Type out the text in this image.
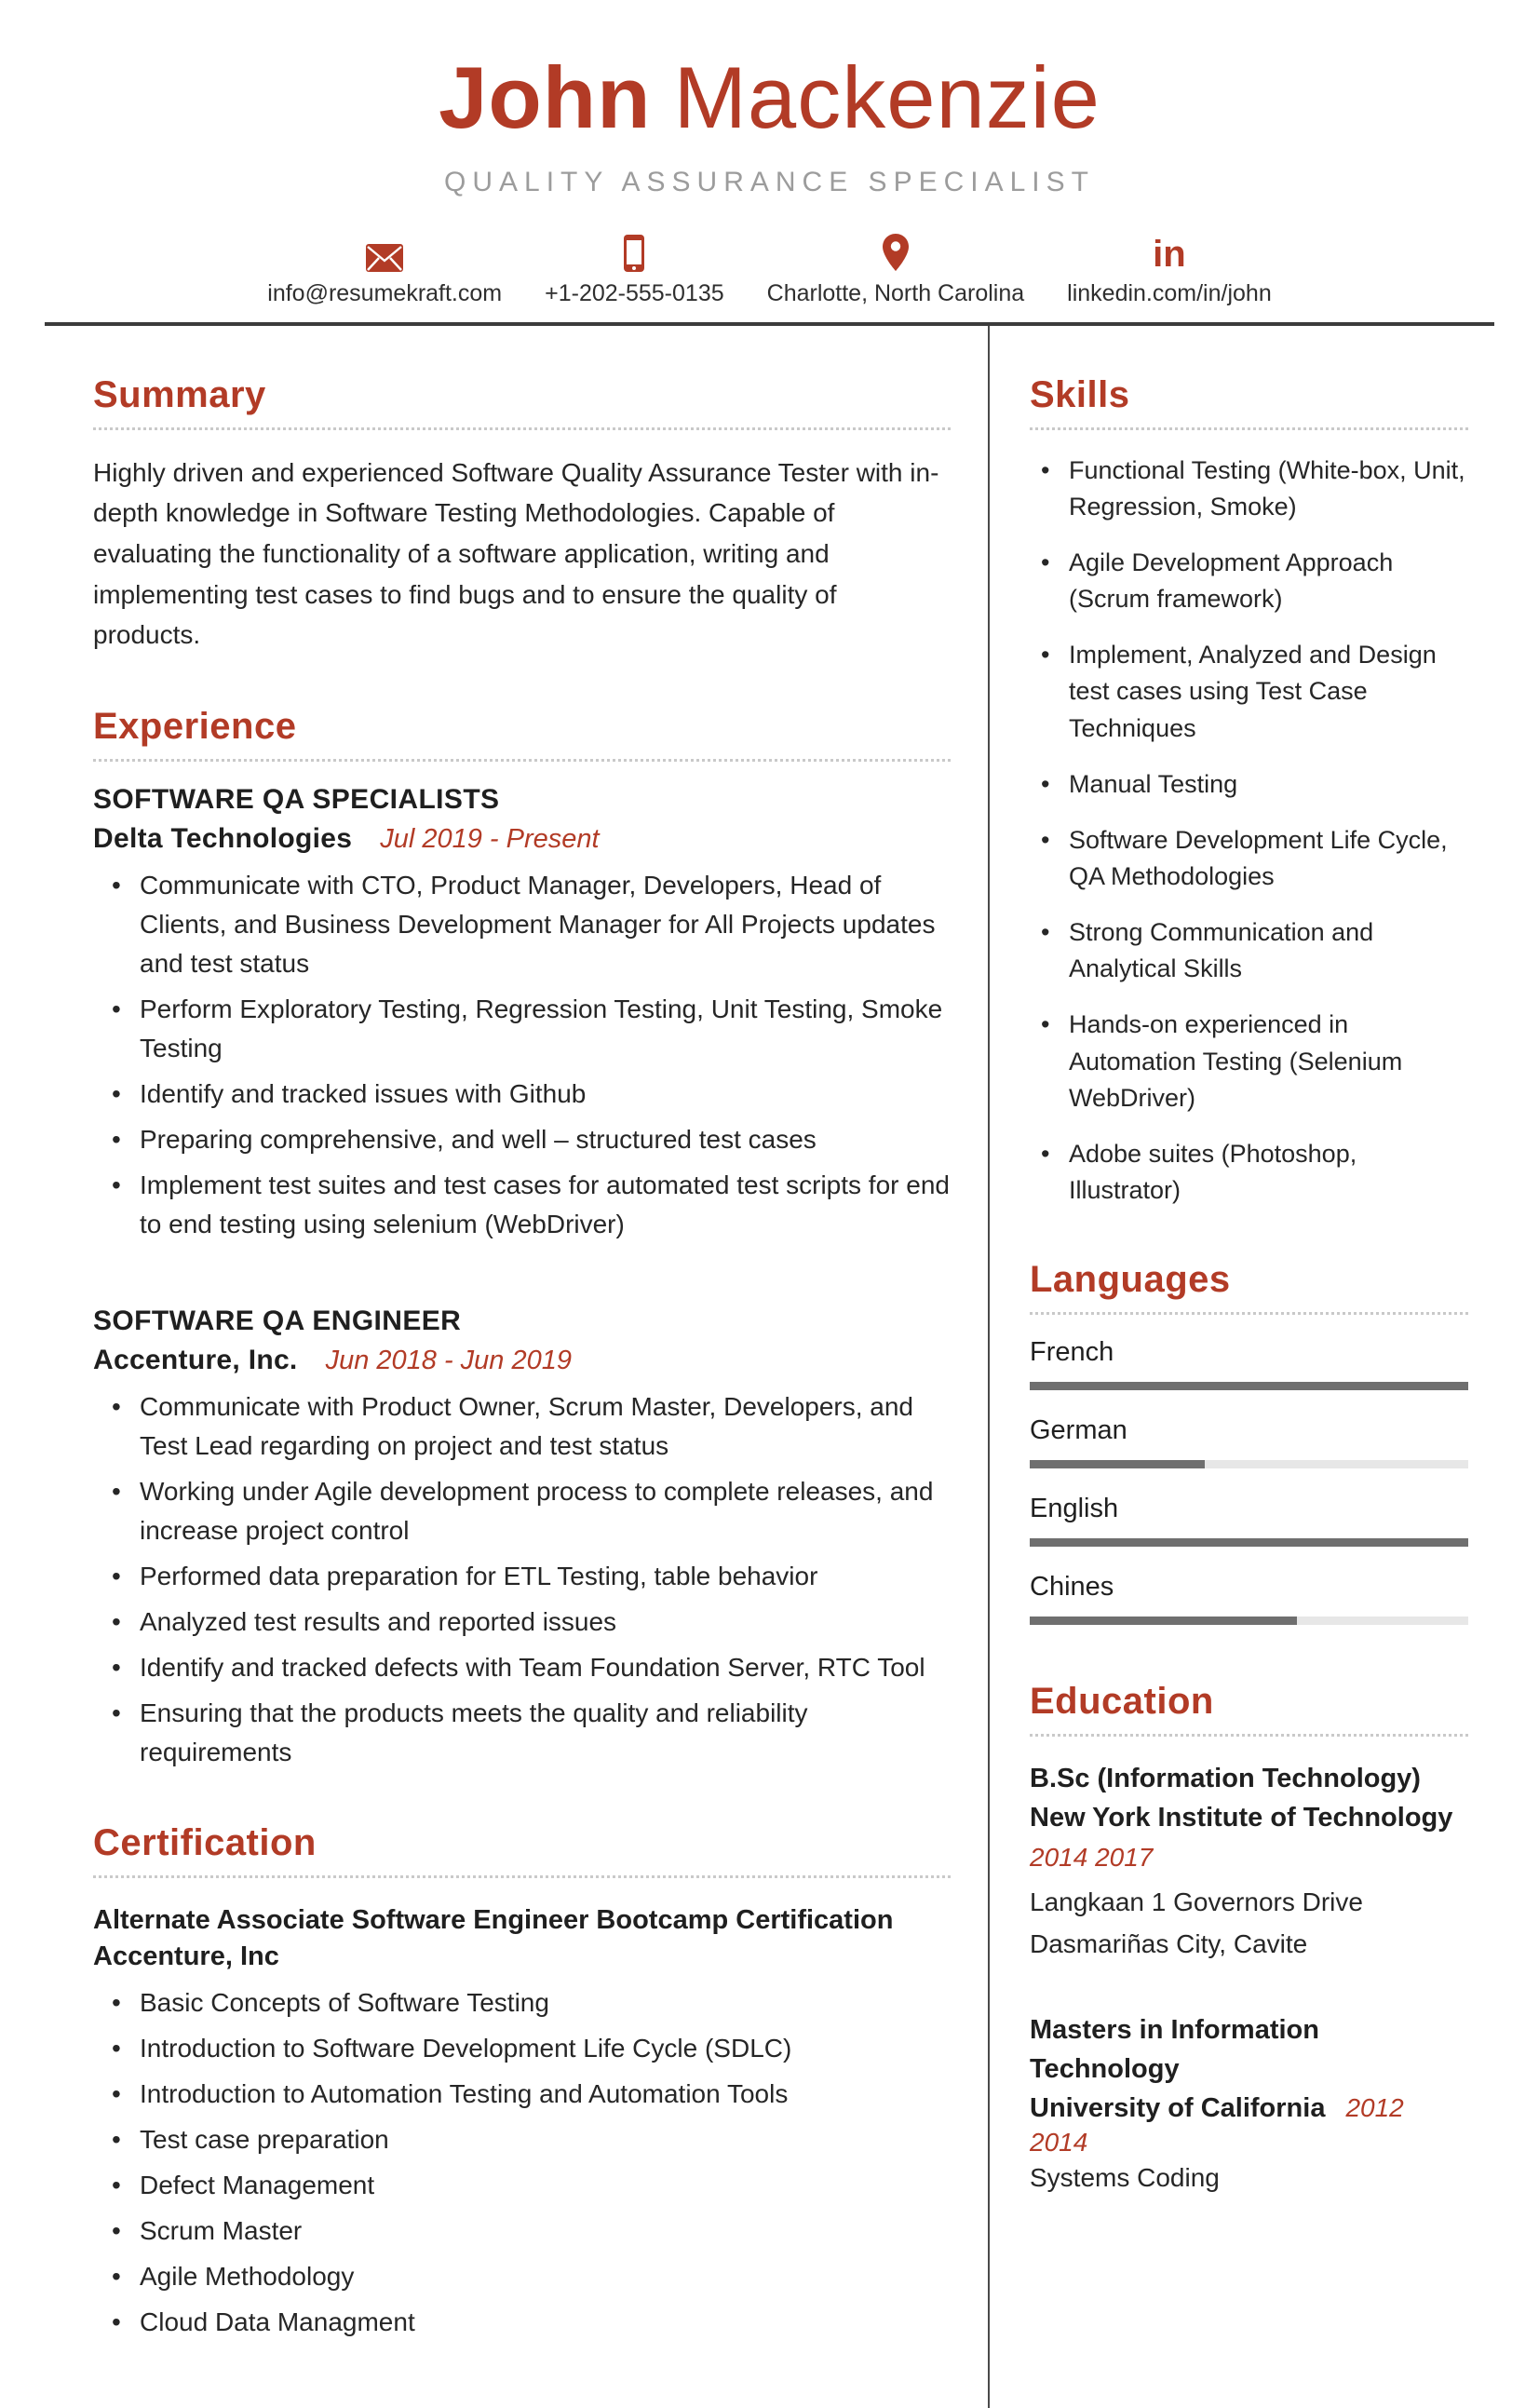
John Mackenzie
QUALITY ASSURANCE SPECIALIST
info@resumekraft.com +1-202-555-0135 Charlotte, North Carolina
in
linkedin.com/in/john
Summary

Highly driven and experienced Software Quality Assurance Tester with in-depth knowledge in Software Testing Methodologies. Capable of evaluating the functionality of a software application, writing and implementing test cases to find bugs and to ensure the quality of products.

Experience
SOFTWARE QA SPECIALISTS
Delta Technologies Jul 2019 - Present
• Communicate with CTO, Product Manager, Developers, Head of Clients, and Business Development Manager for All Projects updates and test status
• Perform Exploratory Testing, Regression Testing, Unit Testing, Smoke Testing
• Identify and tracked issues with Github
• Preparing comprehensive, and well – structured test cases
• Implement test suites and test cases for automated test scripts for end to end testing using selenium (WebDriver)
SOFTWARE QA ENGINEER
Accenture, Inc. Jun 2018 - Jun 2019
• Communicate with Product Owner, Scrum Master, Developers, and Test Lead regarding on project and test status
• Working under Agile development process to complete releases, and increase project control
• Performed data preparation for ETL Testing, table behavior
• Analyzed test results and reported issues
• Identify and tracked defects with Team Foundation Server, RTC Tool
• Ensuring that the products meets the quality and reliability requirements
Certification
Alternate Associate Software Engineer Bootcamp Certification
Accenture, Inc
• Basic Concepts of Software Testing
• Introduction to Software Development Life Cycle (SDLC)
• Introduction to Automation Testing and Automation Tools
• Test case preparation
• Defect Management
• Scrum Master
• Agile Methodology
• Cloud Data Managment
Skills
• Functional Testing (White-box, Unit, Regression, Smoke)
• Agile Development Approach (Scrum framework)
• Implement, Analyzed and Design test cases using Test Case Techniques
• Manual Testing
• Software Development Life Cycle, QA Methodologies
• Strong Communication and Analytical Skills
• Hands-on experienced in Automation Testing (Selenium WebDriver)
• Adobe suites (Photoshop, Illustrator)
Languages
French
German
English
Chines
Education
B.Sc (Information Technology)
New York Institute of Technology
2014 2017
Langkaan 1 Governors Drive
Dasmariñas City, Cavite
Masters in Information Technology
University of California 2012 2014
Systems Coding
